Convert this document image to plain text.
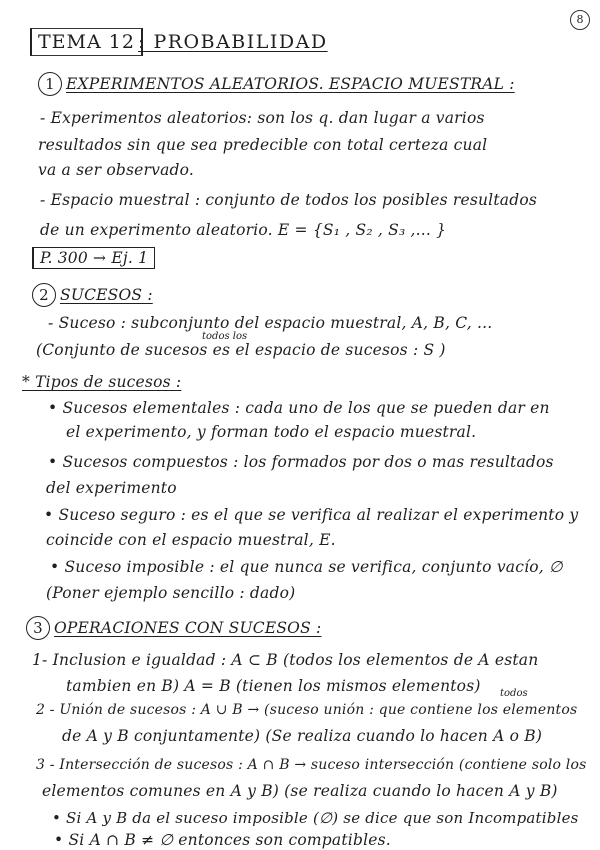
8
TEMA 12 : PROBABILIDAD
1 EXPERIMENTOS ALEATORIOS. ESPACIO MUESTRAL :
- Experimentos aleatorios: son los q. dan lugar a varios
resultados sin que sea predecible con total certeza cual
va a ser observado.
- Espacio muestral : conjunto de todos los posibles resultados
de un experimento aleatorio. E = {S₁ , S₂ , S₃ ,... }
P. 300 → Ej. 1
2 SUCESOS :
- Suceso : subconjunto del espacio muestral, A, B, C, ...
todos los
(Conjunto de sucesos es el espacio de sucesos : S )
* Tipos de sucesos :
• Sucesos elementales : cada uno de los que se pueden dar en
el experimento, y forman todo el espacio muestral.
• Sucesos compuestos : los formados por dos o mas resultados
del experimento
• Suceso seguro : es el que se verifica al realizar el experimento y
coincide con el espacio muestral, E.
• Suceso imposible : el que nunca se verifica, conjunto vacío, ∅
(Poner ejemplo sencillo : dado)
3 OPERACIONES CON SUCESOS :
1- Inclusion e igualdad : A ⊂ B (todos los elementos de A estan
tambien en B) A = B (tienen los mismos elementos) todos
2 - Unión de sucesos : A ∪ B → (suceso unión : que contiene los elementos
de A y B conjuntamente) (Se realiza cuando lo hacen A o B)
3 - Intersección de sucesos : A ∩ B → suceso intersección (contiene solo los
elementos comunes en A y B) (se realiza cuando lo hacen A y B)
• Si A y B da el suceso imposible (∅) se dice que son Incompatibles
• Si A ∩ B ≠ ∅ entonces son compatibles.
